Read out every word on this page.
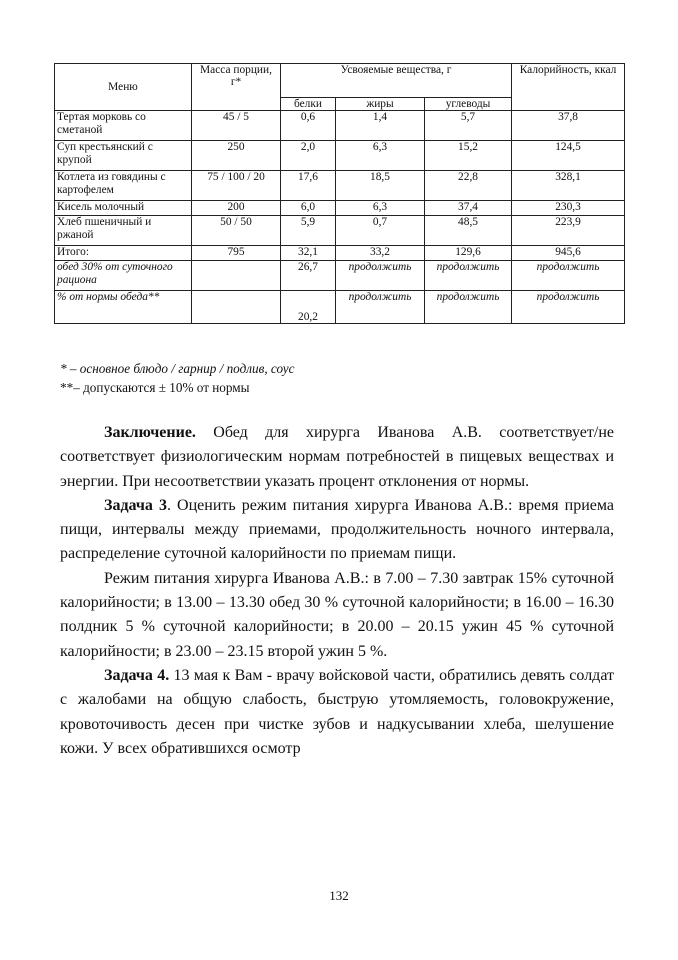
Меню	Масса порции, г*	Усвояемые вещества, г			Калорийность, ккал
		белки	жиры	углеводы	
Тертая морковь со сметаной	45 / 5	0,6	1,4	5,7	37,8
Суп крестьянский с крупой	250	2,0	6,3	15,2	124,5
Котлета из говядины с картофелем	75 / 100 / 20	17,6	18,5	22,8	328,1
Кисель молочный	200	6,0	6,3	37,4	230,3
Хлеб пшеничный и ржаной	50 / 50	5,9	0,7	48,5	223,9
Итого:	795	32,1	33,2	129,6	945,6
обед 30% от суточного рациона		26,7	продолжить	продолжить	продолжить
% от нормы обеда**		20,2	продолжить	продолжить	продолжить
* – основное блюдо / гарнир / подлив, соус
**– допускаются ± 10% от нормы

Заключение. Обед для хирурга Иванова А.В. соответствует/не соответствует физиологическим нормам потребностей в пищевых веществах и энергии. При несоответствии указать процент отклонения от нормы.

Задача 3. Оценить режим питания хирурга Иванова А.В.: время приема пищи, интервалы между приемами, продолжительность ночного интервала, распределение суточной калорийности по приемам пищи.

Режим питания хирурга Иванова А.В.: в 7.00 – 7.30 завтрак 15% суточной калорийности; в 13.00 – 13.30 обед 30 % суточной калорийности; в 16.00 – 16.30 полдник 5 % суточной калорийности; в 20.00 – 20.15 ужин 45 % суточной калорийности; в 23.00 – 23.15 второй ужин 5 %.

Задача 4. 13 мая к Вам - врачу войсковой части, обратились девять солдат с жалобами на общую слабость, быструю утомляемость, головокружение, кровоточивость десен при чистке зубов и надкусывании хлеба, шелушение кожи. У всех обратившихся осмотр

132
